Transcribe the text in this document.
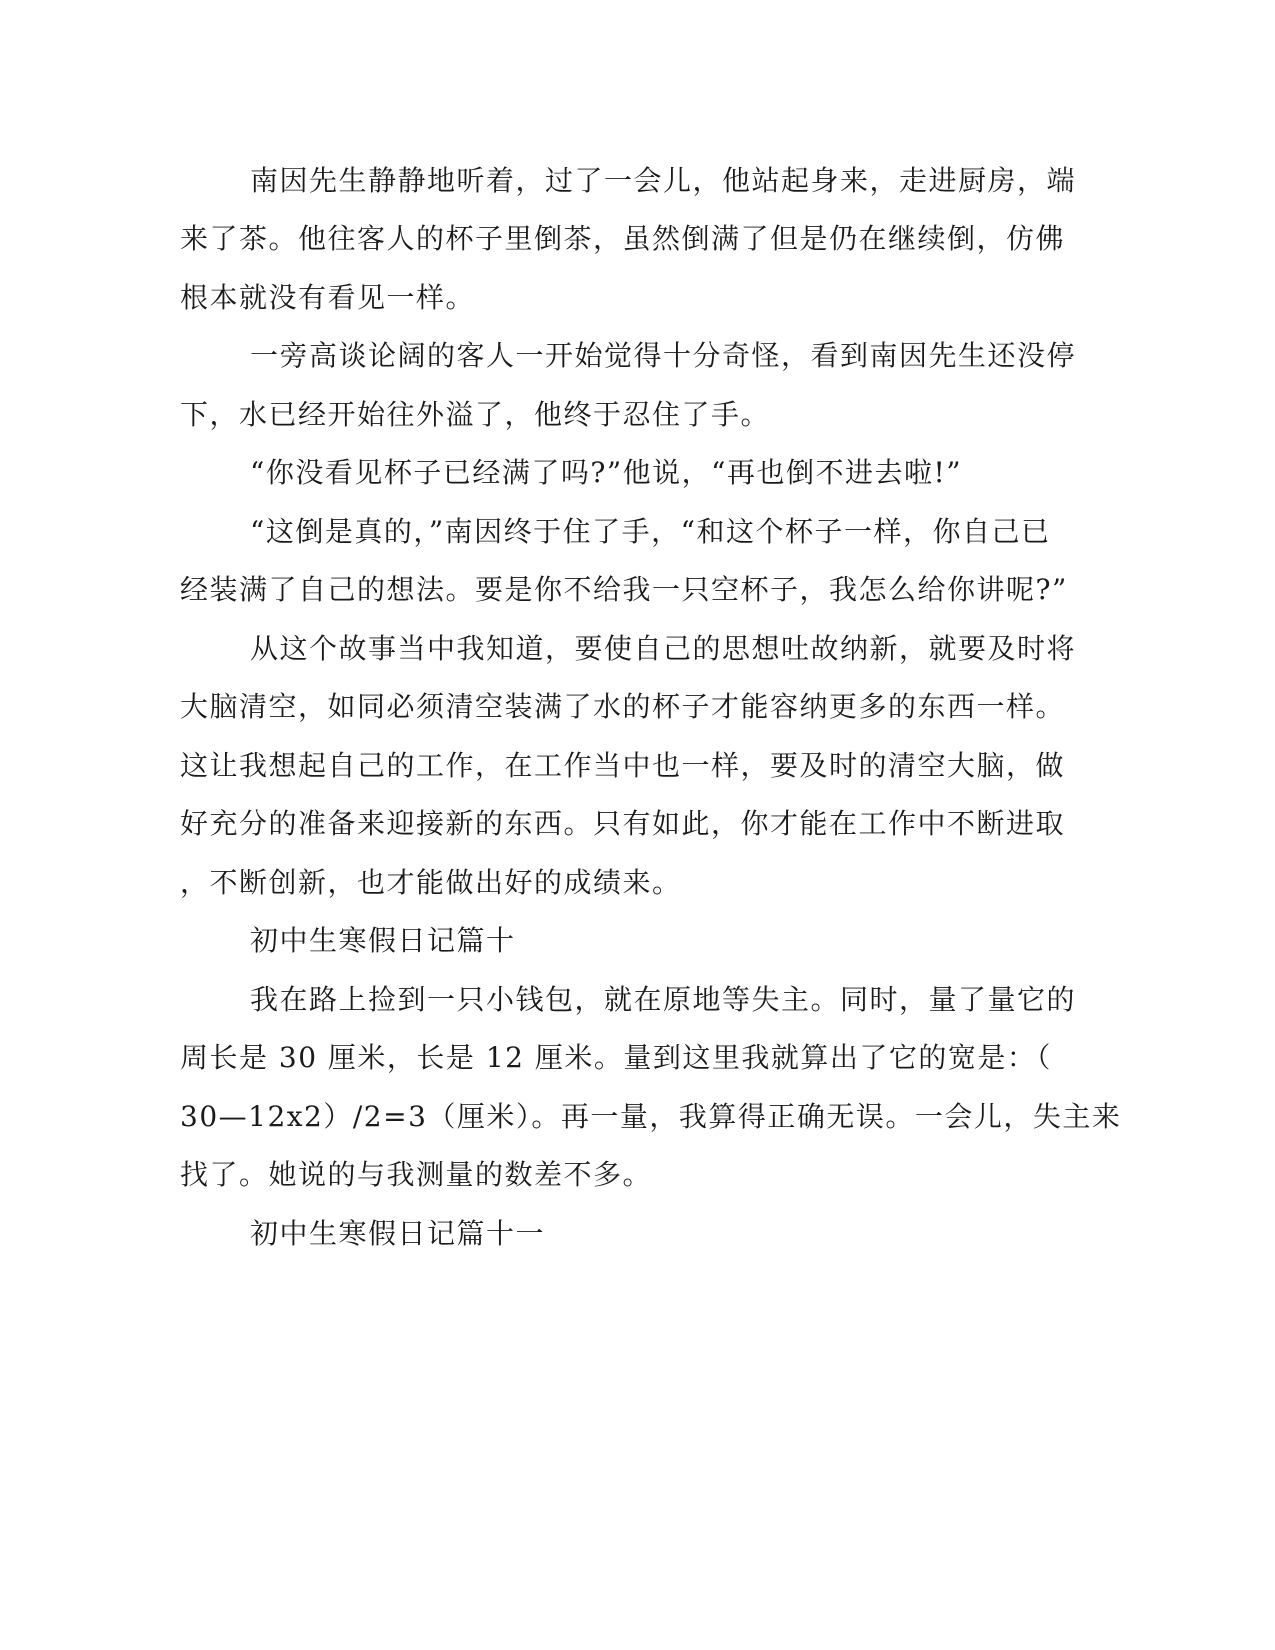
南因先生静静地听着，过了一会儿，他站起身来，走进厨房，端
来了茶。他往客人的杯子里倒茶，虽然倒满了但是仍在继续倒，仿佛
根本就没有看见一样。
一旁高谈论阔的客人一开始觉得十分奇怪，看到南因先生还没停
下，水已经开始往外溢了，他终于忍住了手。
“你没看见杯子已经满了吗?”他说，“再也倒不进去啦!”
“这倒是真的，”南因终于住了手，“和这个杯子一样，你自己已
经装满了自己的想法。要是你不给我一只空杯子，我怎么给你讲呢?”
从这个故事当中我知道，要使自己的思想吐故纳新，就要及时将
大脑清空，如同必须清空装满了水的杯子才能容纳更多的东西一样。
这让我想起自己的工作，在工作当中也一样，要及时的清空大脑，做
好充分的准备来迎接新的东西。只有如此，你才能在工作中不断进取
，不断创新，也才能做出好的成绩来。
初中生寒假日记篇十
我在路上捡到一只小钱包，就在原地等失主。同时，量了量它的
周长是 30 厘米，长是 12 厘米。量到这里我就算出了它的宽是：（
30—12x2）/2=3（厘米）。再一量，我算得正确无误。一会儿，失主来
找了。她说的与我测量的数差不多。
初中生寒假日记篇十一
